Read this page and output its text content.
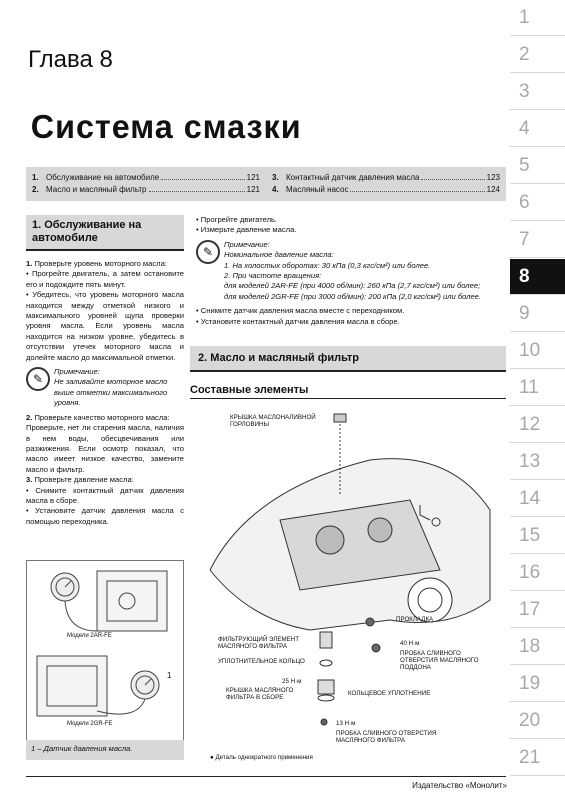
1
2
3
4
5
6
7
8
9
10
11
12
13
14
15
16
17
18
19
20
21
Глава 8
Система смазки
1. Обслуживание на автомобиле	121
2. Масло и масляный фильтр	121
3. Контактный датчик давления масла	123
4. Масляный насос	124
1. Обслуживание на автомобиле
1. Проверьте уровень моторного масла:
• Прогрейте двигатель, а затем остановите его и подождите пять минут.
• Убедитесь, что уровень моторного масла находится между отметкой низкого и максимального уровней щупа проверки уровня масла. Если уровень масла находится на низком уровне, убедитесь в отсутствии утечек моторного масла и долейте масло до максимальной отметки.
✎
Примечание:
Не заливайте моторное масло выше отметки максимального уровня.
2. Проверьте качество моторного масла:
Проверьте, нет ли старения масла, наличия в нем воды, обесцвечивания или разжижения. Если осмотр показал, что масло имеет низкое качество, замените масло и фильтр.
3. Проверьте давление масла:
• Снимите контактный датчик давления масла в сборе.
• Установите датчик давления масла с помощью переходника.
Модели 2AR-FE
Модели 2GR-FE
1
1 – Датчик давления масла.
• Прогрейте двигатель.
• Измерьте давление масла.
✎
Примечание:
Номинальное давление масла:
1. На холостых оборотах: 30 кПа (0,3 кгс/см²) или более.
2. При частоте вращения:
для моделей 2AR-FE (при 4000 об/мин): 260 кПа (2,7 кгс/см²) или более;
для моделей 2GR-FE (при 3000 об/мин): 200 кПа (2,0 кгс/см²) или более.
• Снимите датчик давления масла вместе с переходником.
• Установите контактный датчик давления масла в сборе.
2. Масло и масляный фильтр
Составные элементы
КРЫШКА МАСЛОНАЛИВНОЙ ГОРЛОВИНЫ
ПРОКЛАДКА
ФИЛЬТРУЮЩИЙ ЭЛЕМЕНТ МАСЛЯНОГО ФИЛЬТРА
УПЛОТНИТЕЛЬНОЕ КОЛЬЦО
40 Н·м
ПРОБКА СЛИВНОГО ОТВЕРСТИЯ МАСЛЯНОГО ПОДДОНА
25 Н·м
КРЫШКА МАСЛЯНОГО ФИЛЬТРА В СБОРЕ
КОЛЬЦЕВОЕ УПЛОТНЕНИЕ
13 Н·м
ПРОБКА СЛИВНОГО ОТВЕРСТИЯ МАСЛЯНОГО ФИЛЬТРА
● Деталь однократного применения
Издательство «Монолит»
